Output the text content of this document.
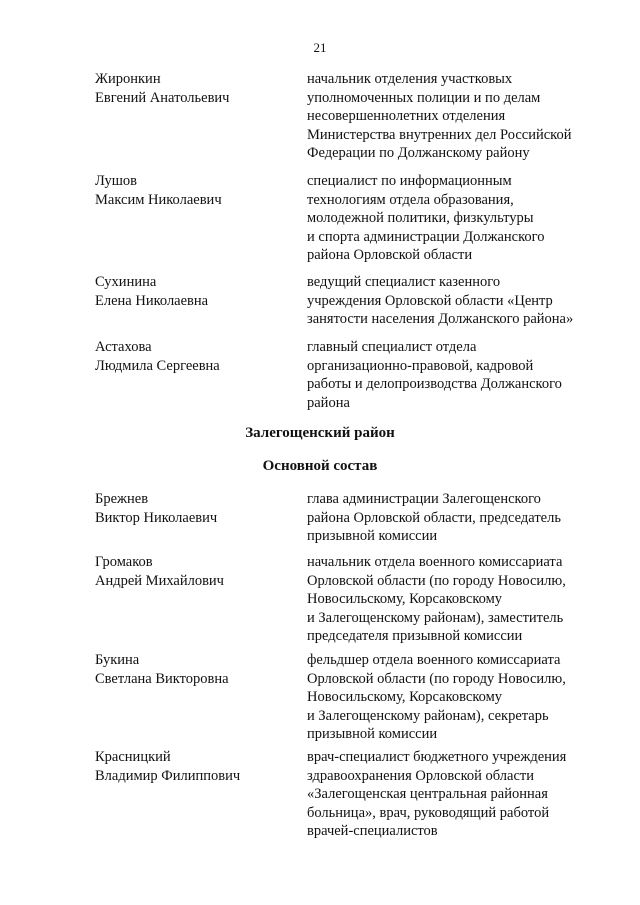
21
Жиронкин
Евгений Анатольевич
начальник отделения участковых
уполномоченных полиции и по делам
несовершеннолетних отделения
Министерства внутренних дел Российской
Федерации по Должанскому району
Лушов
Максим Николаевич
специалист по информационным
технологиям отдела образования,
молодежной политики, физкультуры
и спорта администрации Должанского
района Орловской области
Сухинина
Елена Николаевна
ведущий специалист казенного
учреждения Орловской области «Центр
занятости населения Должанского района»
Астахова
Людмила Сергеевна
главный специалист отдела
организационно-правовой, кадровой
работы и делопроизводства Должанского
района
Залегощенский район
Основной состав
Брежнев
Виктор Николаевич
глава администрации Залегощенского
района Орловской области, председатель
призывной комиссии
Громаков
Андрей Михайлович
начальник отдела военного комиссариата
Орловской области (по городу Новосилю,
Новосильскому, Корсаковскому
и Залегощенскому районам), заместитель
председателя призывной комиссии
Букина
Светлана Викторовна
фельдшер отдела военного комиссариата
Орловской области (по городу Новосилю,
Новосильскому, Корсаковскому
и Залегощенскому районам), секретарь
призывной комиссии
Красницкий
Владимир Филиппович
врач-специалист бюджетного учреждения
здравоохранения Орловской области
«Залегощенская центральная районная
больница», врач, руководящий работой
врачей-специалистов
